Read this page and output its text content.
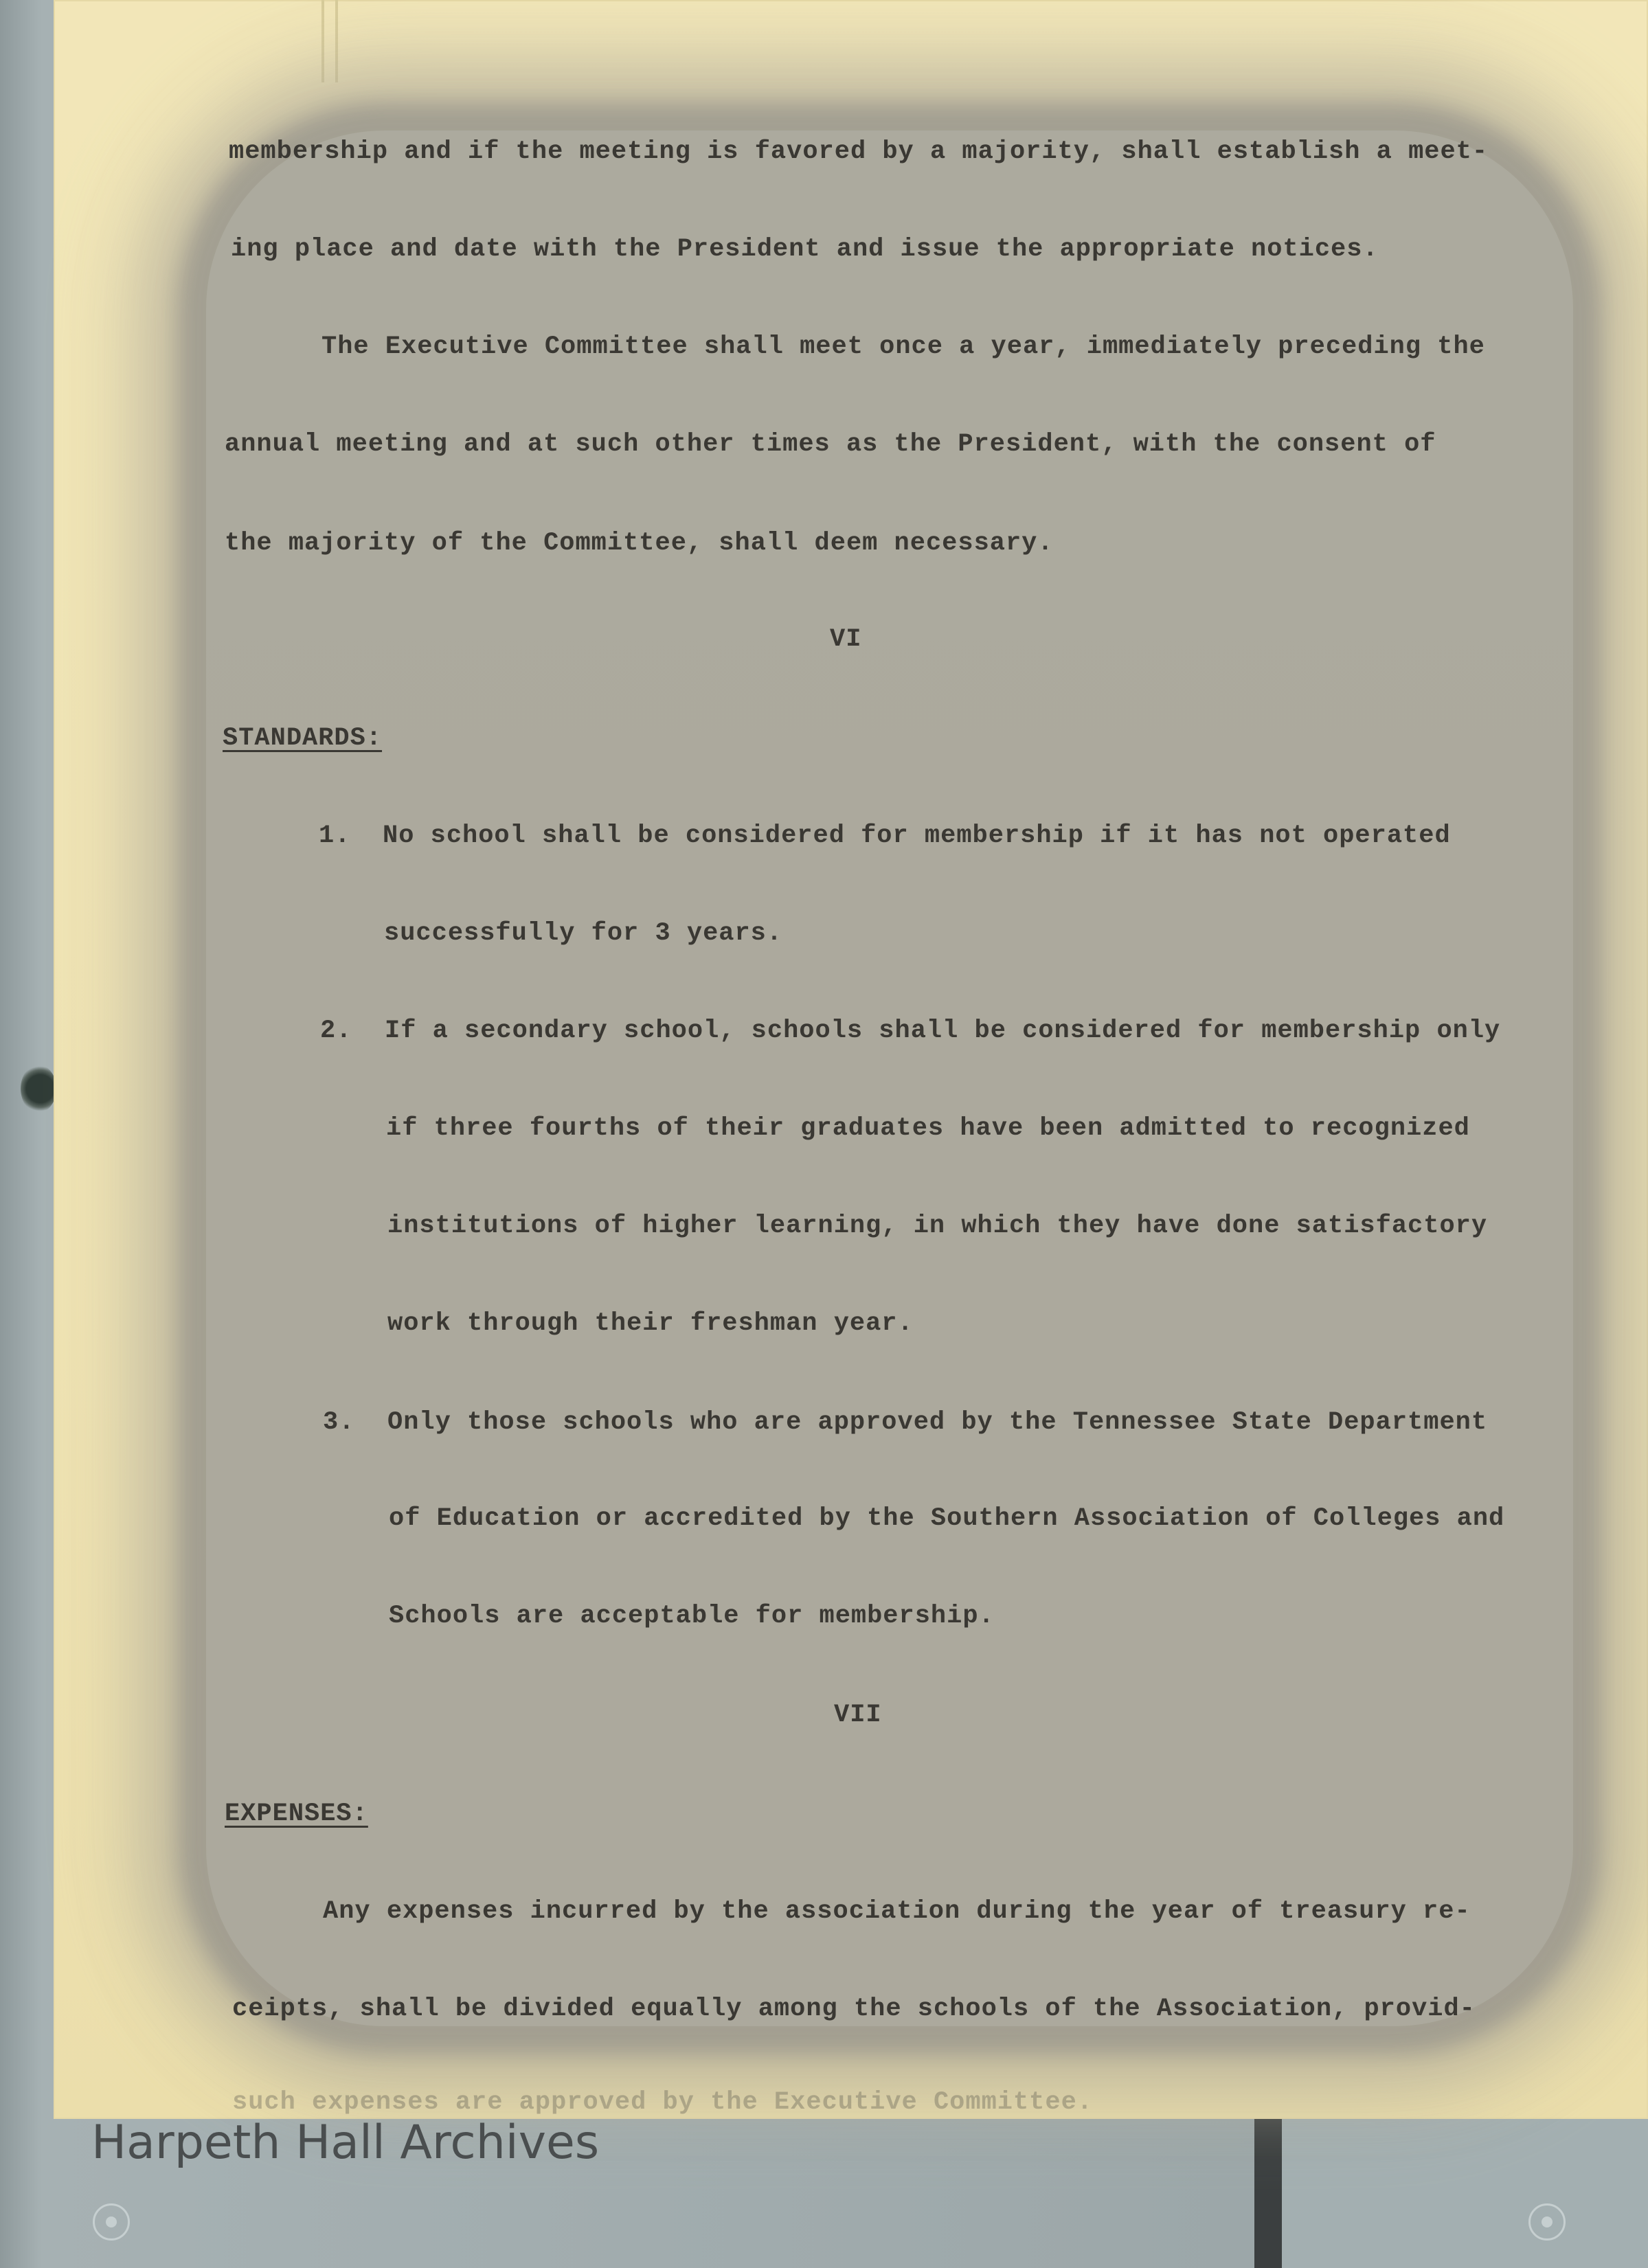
membership and if the meeting is favored by a majority, shall establish a meet-
ing place and date with the President and issue the appropriate notices.
The Executive Committee shall meet once a year, immediately preceding the
annual meeting and at such other times as the President, with the consent of
the majority of the Committee, shall deem necessary.
VI
STANDARDS:
1. No school shall be considered for membership if it has not operated
successfully for 3 years.
2. If a secondary school, schools shall be considered for membership only
if three fourths of their graduates have been admitted to recognized
institutions of higher learning, in which they have done satisfactory
work through their freshman year.
3. Only those schools who are approved by the Tennessee State Department
of Education or accredited by the Southern Association of Colleges and
Schools are acceptable for membership.
VII
EXPENSES:
Any expenses incurred by the association during the year of treasury re-
ceipts, shall be divided equally among the schools of the Association, provid-
such expenses are approved by the Executive Committee.
Harpeth Hall Archives
